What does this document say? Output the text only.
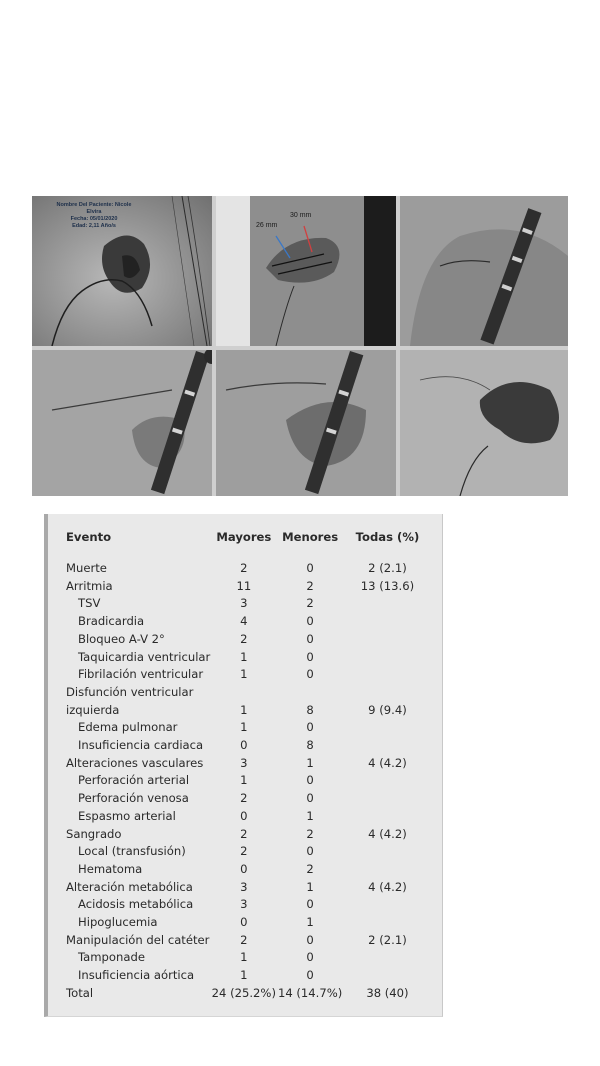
Nombre Del Paciente: Nicole
Elvira
Fecha: 05/01/2020
Edad: 2,11 Año/s
30 mm
26 mm
Evento	Mayores	Menores	Todas (%)

Muerte	2	0	2 (2.1)
Arritmia	11	2	13 (13.6)
TSV	3	2	
Bradicardia	4	0	
Bloqueo A-V 2°	2	0	
Taquicardia ventricular	1	0	
Fibrilación ventricular	1	0	
Disfunción ventricular			
izquierda	1	8	9 (9.4)
Edema pulmonar	1	0	
Insuficiencia cardiaca	0	8	
Alteraciones vasculares	3	1	4 (4.2)
Perforación arterial	1	0	
Perforación venosa	2	0	
Espasmo arterial	0	1	
Sangrado	2	2	4 (4.2)
Local (transfusión)	2	0	
Hematoma	0	2	
Alteración metabólica	3	1	4 (4.2)
Acidosis metabólica	3	0	
Hipoglucemia	0	1	
Manipulación del catéter	2	0	2 (2.1)
Tamponade	1	0	
Insuficiencia aórtica	1	0	
Total	24 (25.2%)	14 (14.7%)	38 (40)
